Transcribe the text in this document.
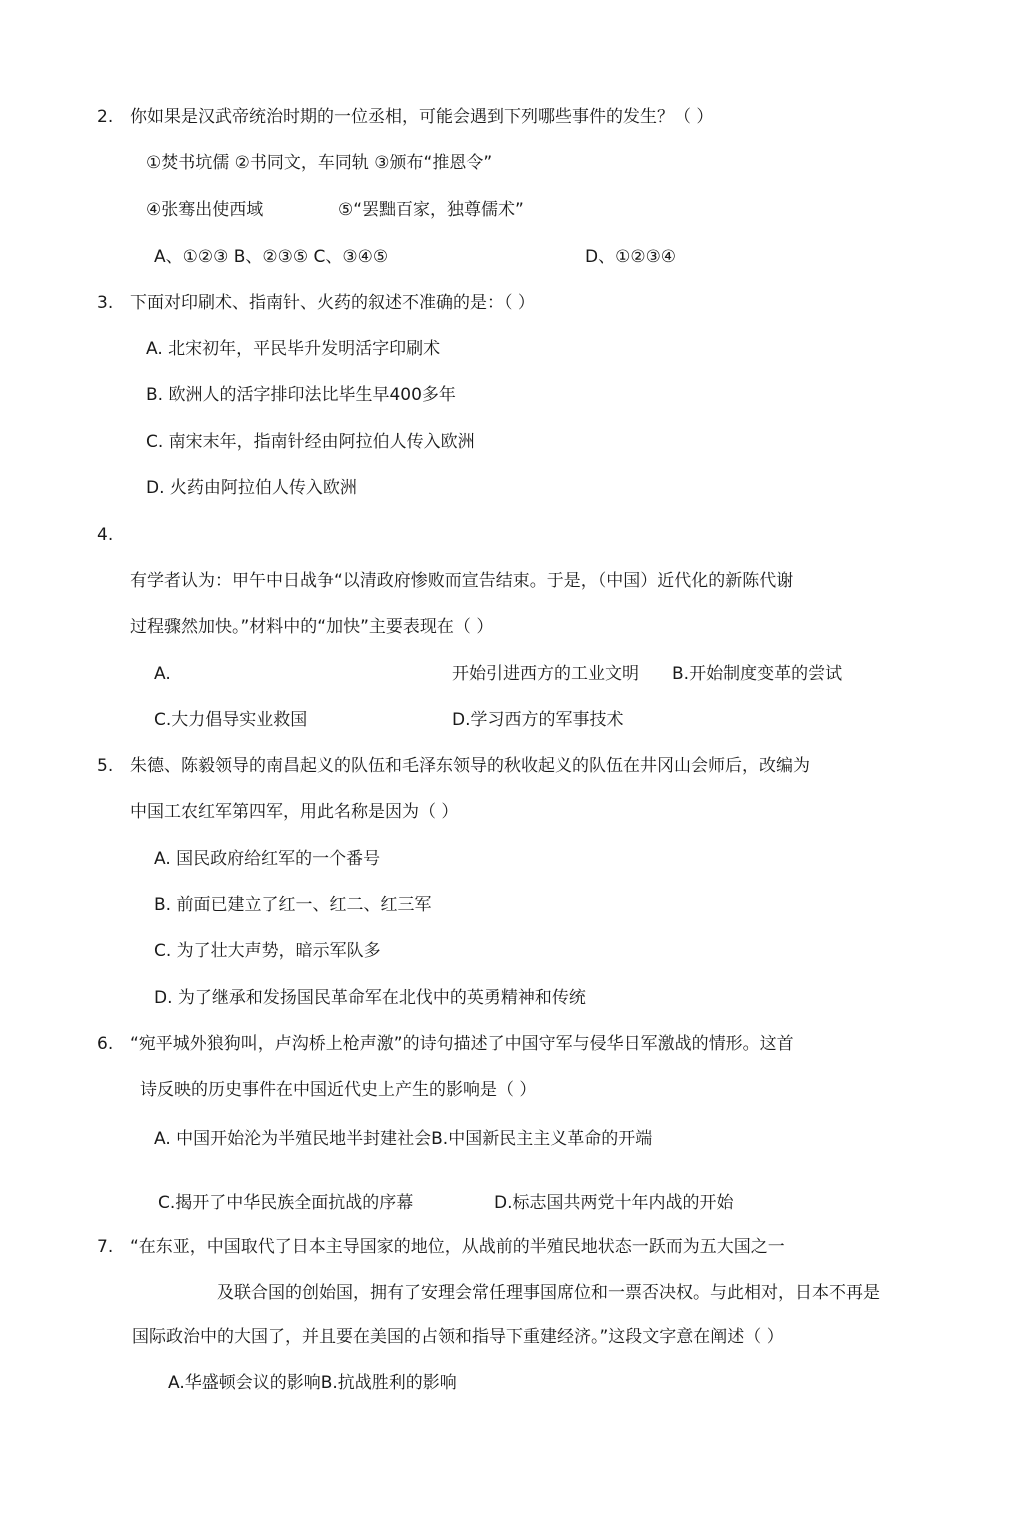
2. 你如果是汉武帝统治时期的一位丞相，可能会遇到下列哪些事件的发生？（ ）
①焚书坑儒 ②书同文，车同轨 ③颁布“推恩令”
④张骞出使西域	⑤“罢黜百家，独尊儒术”
A、①②③ B、②③⑤ C、③④⑤	D、①②③④
3. 下面对印刷术、指南针、火药的叙述不准确的是：（ ）
A. 北宋初年，平民毕升发明活字印刷术
B. 欧洲人的活字排印法比毕生早400多年
C. 南宋末年，指南针经由阿拉伯人传入欧洲
D. 火药由阿拉伯人传入欧洲
4.
有学者认为：甲午中日战争“以清政府惨败而宣告结束。于是，（中国）近代化的新陈代谢
过程骤然加快。”材料中的“加快”主要表现在（ ）
A.	开始引进西方的工业文明 B.开始制度变革的尝试
C.大力倡导实业救国	D.学习西方的军事技术
5. 朱德、陈毅领导的南昌起义的队伍和毛泽东领导的秋收起义的队伍在井冈山会师后，改编为
中国工农红军第四军，用此名称是因为（ ）
A. 国民政府给红军的一个番号
B. 前面已建立了红一、红二、红三军
C. 为了壮大声势，暗示军队多
D. 为了继承和发扬国民革命军在北伐中的英勇精神和传统
6. “宛平城外狼狗叫，卢沟桥上枪声激”的诗句描述了中国守军与侵华日军激战的情形。这首
诗反映的历史事件在中国近代史上产生的影响是（ ）
A. 中国开始沦为半殖民地半封建社会B.中国新民主主义革命的开端
C.揭开了中华民族全面抗战的序幕	D.标志国共两党十年内战的开始
7. “在东亚，中国取代了日本主导国家的地位，从战前的半殖民地状态一跃而为五大国之一
及联合国的创始国，拥有了安理会常任理事国席位和一票否决权。与此相对，日本不再是
国际政治中的大国了，并且要在美国的占领和指导下重建经济。”这段文字意在阐述（ ）
A.华盛顿会议的影响B.抗战胜利的影响
